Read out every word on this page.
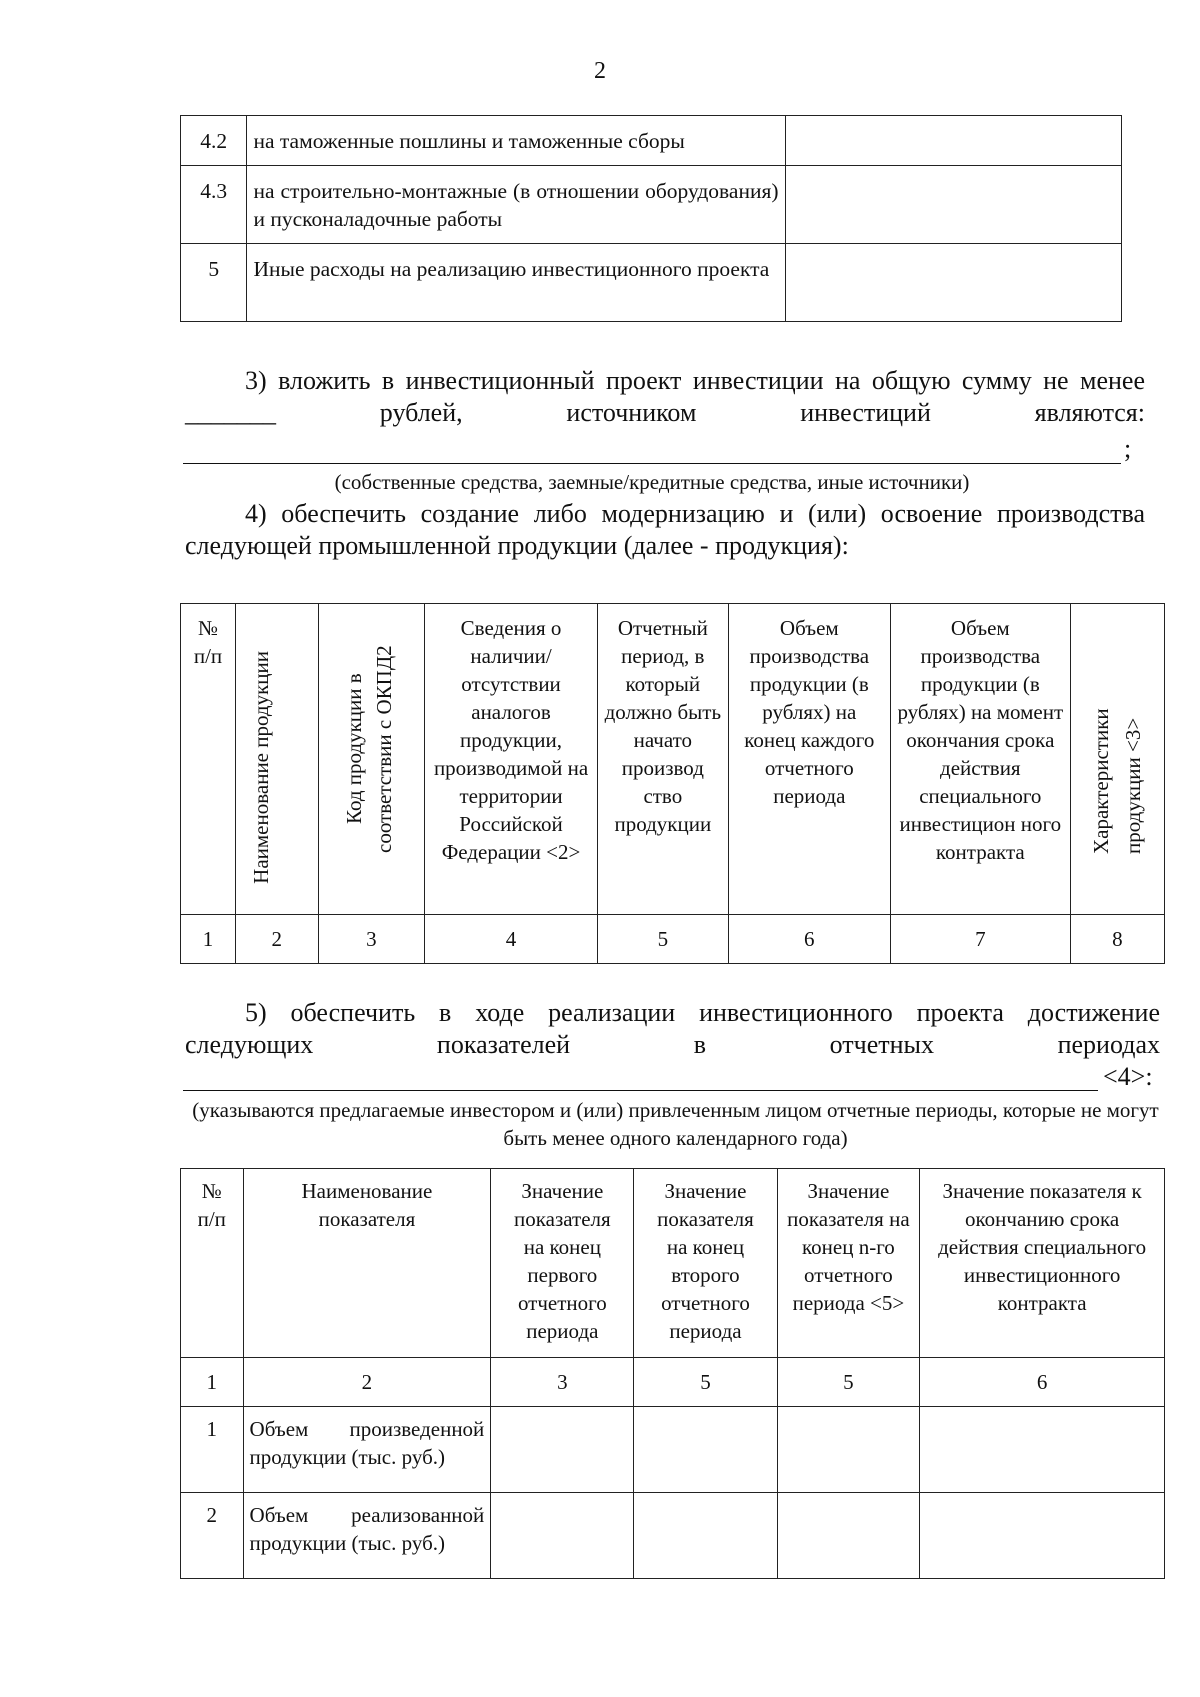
2
4.2	на таможенные пошлины и таможенные сборы	
4.3	на строительно-монтажные (в отношении оборудования) и пусконаладочные работы	
5	Иные расходы на реализацию инвестиционного проекта	
3) вложить в инвестиционный проект инвестиции на общую сумму не менее _______ рублей, источником инвестиций являются:
;
(собственные средства, заемные/кредитные средства, иные источники)
4) обеспечить создание либо модернизацию и (или) освоение производства следующей промышленной продукции (далее - продукция):
№ п/п	Наименование продукции	Код продукции в соответствии с ОКПД2	Сведения о наличии/ отсутствии аналогов продукции, производимой на территории Российской Федерации <2>	Отчетный период, в который должно быть начато производ ство продукции	Объем производства продукции (в рублях) на конец каждого отчетного периода	Объем производства продукции (в рублях) на момент окончания срока действия специального инвестицион ного контракта	Характеристики продукции <3>

1	2	3	4	5	6	7	8
5) обеспечить в ходе реализации инвестиционного проекта достижение следующих показателей в отчетных периодах
<4>:
(указываются предлагаемые инвестором и (или) привлеченным лицом отчетные периоды, которые не могут быть менее одного календарного года)
№ п/п	Наименование показателя	Значение показателя на конец первого отчетного периода	Значение показателя на конец второго отчетного периода	Значение показателя на конец n-го отчетного периода <5>	Значение показателя к окончанию срока действия специального инвестиционного контракта

1	2	3	5	5	6
1	Объем произведенной продукции (тыс. руб.)				
2	Объем реализованной продукции (тыс. руб.)				
